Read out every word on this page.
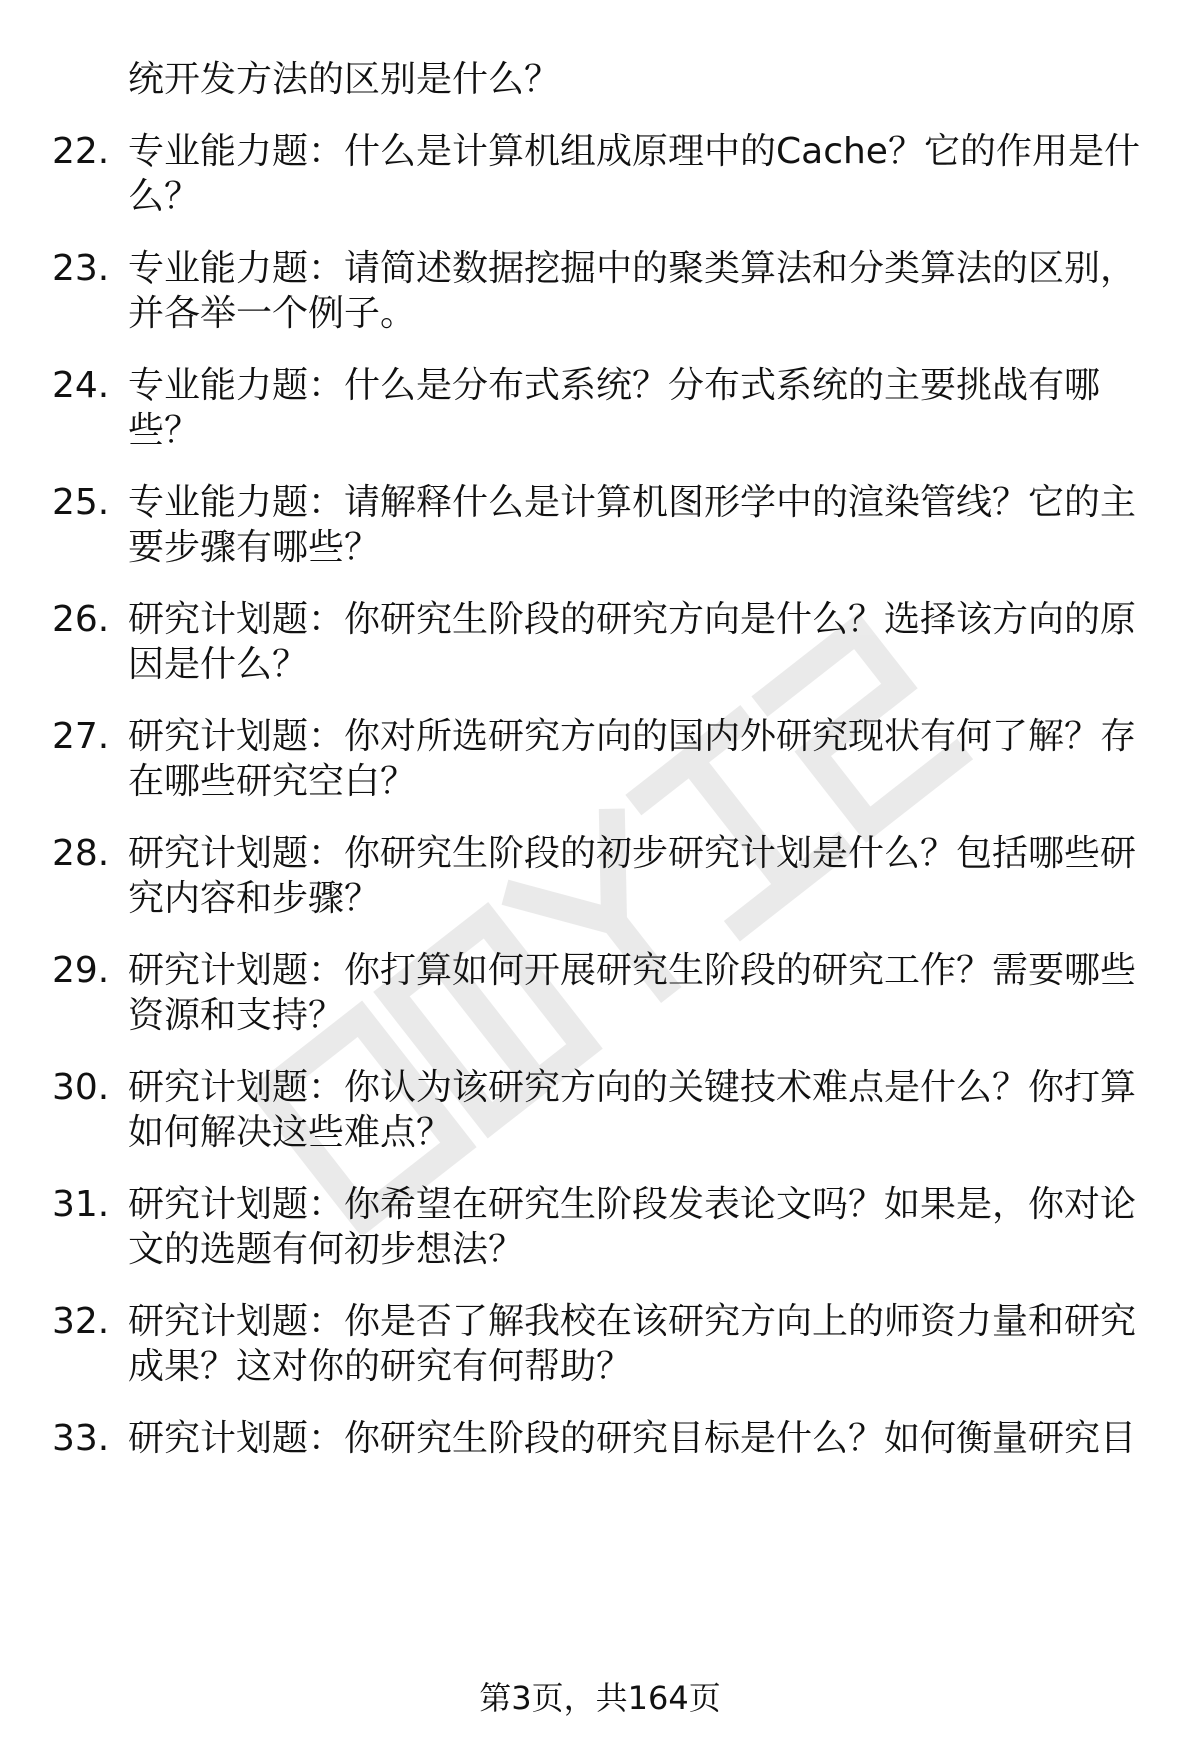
统开发方法的区别是什么？
22. 专业能力题：什么是计算机组成原理中的Cache？它的作用是什
么？
23. 专业能力题：请简述数据挖掘中的聚类算法和分类算法的区别，
并各举一个例子。
24. 专业能力题：什么是分布式系统？分布式系统的主要挑战有哪
些？
25. 专业能力题：请解释什么是计算机图形学中的渲染管线？它的主
要步骤有哪些？
26. 研究计划题：你研究生阶段的研究方向是什么？选择该方向的原
因是什么？
27. 研究计划题：你对所选研究方向的国内外研究现状有何了解？存
在哪些研究空白？
28. 研究计划题：你研究生阶段的初步研究计划是什么？包括哪些研
究内容和步骤？
29. 研究计划题：你打算如何开展研究生阶段的研究工作？需要哪些
资源和支持？
30. 研究计划题：你认为该研究方向的关键技术难点是什么？你打算
如何解决这些难点？
31. 研究计划题：你希望在研究生阶段发表论文吗？如果是，你对论
文的选题有何初步想法？
32. 研究计划题：你是否了解我校在该研究方向上的师资力量和研究
成果？这对你的研究有何帮助？
33. 研究计划题：你研究生阶段的研究目标是什么？如何衡量研究目
第3页，共164页
